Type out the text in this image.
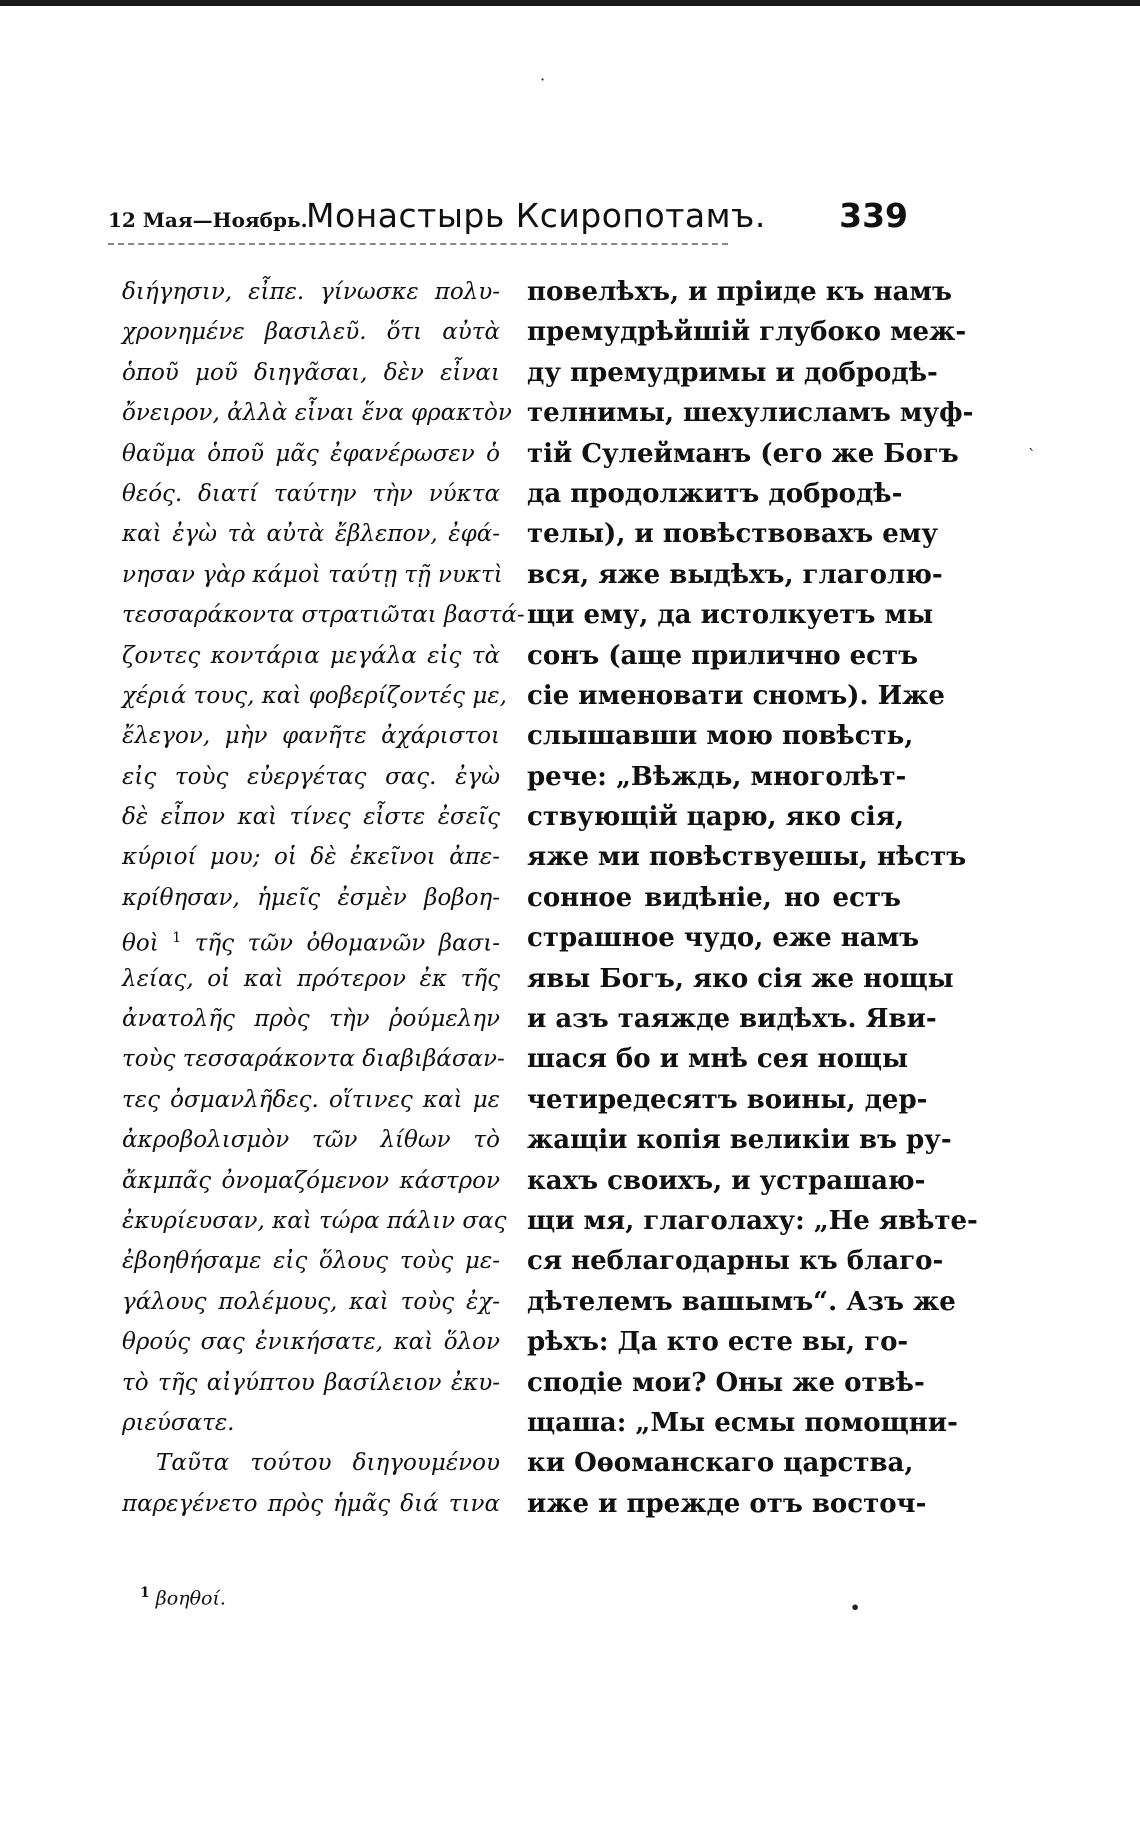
12 Мая—Ноябрь.
Монастырь Ксиропотамъ. 339
διήγησιν, εἶπε. γίνωσκε πολυ-
χρονημένε βασιλεῦ. ὅτι αὐτὰ
ὁποῦ μοῦ διηγᾶσαι, δὲν εἶναι
ὄνειρον, ἀλλὰ εἶναι ἕνα φρακτὸν
θαῦμα ὁποῦ μᾶς ἐφανέρωσεν ὁ
θεός. διατί ταύτην τὴν νύκτα
καὶ ἐγὼ τὰ αὐτὰ ἔβλεπον, ἐφά-
νησαν γὰρ κάμοὶ ταύτῃ τῇ νυκτὶ
τεσσαράκοντα στρατιῶται βαστά-
ζοντες κοντάρια μεγάλα εἰς τὰ
χέριά τους, καὶ φοβερίζοντές με,
ἔλεγον, μὴν φανῆτε ἀχάριστοι
εἰς τοὺς εὐεργέτας σας. ἐγὼ
δὲ εἶπον καὶ τίνες εἶστε ἐσεῖς
κύριοί μου; οἱ δὲ ἐκεῖνοι ἀπε-
κρίθησαν, ἡμεῖς ἐσμὲν βοβοη-
θοὶ $^1$ τῆς τῶν ὀθομανῶν βασι-
λείας, οἱ καὶ πρότερον ἐκ τῆς
ἀνατολῆς πρὸς τὴν ῥούμελην
τοὺς τεσσαράκοντα διαβιβάσαν-
τες ὀσμανλῆδες. οἵτινες καὶ με
ἀκροβολισμὸν τῶν λίθων τὸ
ἄκμπᾶς ὀνομαζόμενον κάστρον
ἐκυρίευσαν, καὶ τώρα πάλιν σας
ἐβοηθήσαμε εἰς ὅλους τοὺς με-
γάλους πολέμους, καὶ τοὺς ἐχ-
θρούς σας ἐνικήσατε, καὶ ὅλον
τὸ τῆς αἰγύπτου βασίλειον ἐκυ-
ριεύσατε.
Ταῦτα τούτου διηγουμένου
παρεγένετο πρὸς ἡμᾶς διά τινα
повелѣхъ, и пріиде къ намъ
премудрѣйшій глубоко меж-
ду премудримы и добродѣ-
телнимы, шехулисламъ муф-
тій Сулейманъ (его же Богъ
да продолжитъ добродѣ-
телы), и повѣствовахъ ему
вся, яже выдѣхъ, глаголю-
щи ему, да истолкуетъ мы
сонъ (аще прилично естъ
сіе именовати сномъ). Иже
слышавши мою повѣсть,
рече: „Вѣждь, многолѣт-
ствующій царю, яко сія,
яже ми повѣствуешы, нѣстъ
сонное видѣніе, но естъ
страшное чудо, еже намъ
явы Богъ, яко сія же нощы
и азъ таяжде видѣхъ. Яви-
шася бо и мнѣ сея нощы
четиредесятъ воины, дер-
жащіи копія великіи въ ру-
кахъ своихъ, и устрашаю-
щи мя, глаголаху: „Не явѣте-
ся неблагодарны къ благо-
дѣтелемъ вашымъ“. Азъ же
рѣхъ: Да кто есте вы, го-
сподіе мои? Оны же отвѣ-
щаша: „Мы есмы помощни-
ки Оѳоманскаго царства,
иже и прежде отъ восточ-
$^1$ βοηθοί.
·
ˋ
•
